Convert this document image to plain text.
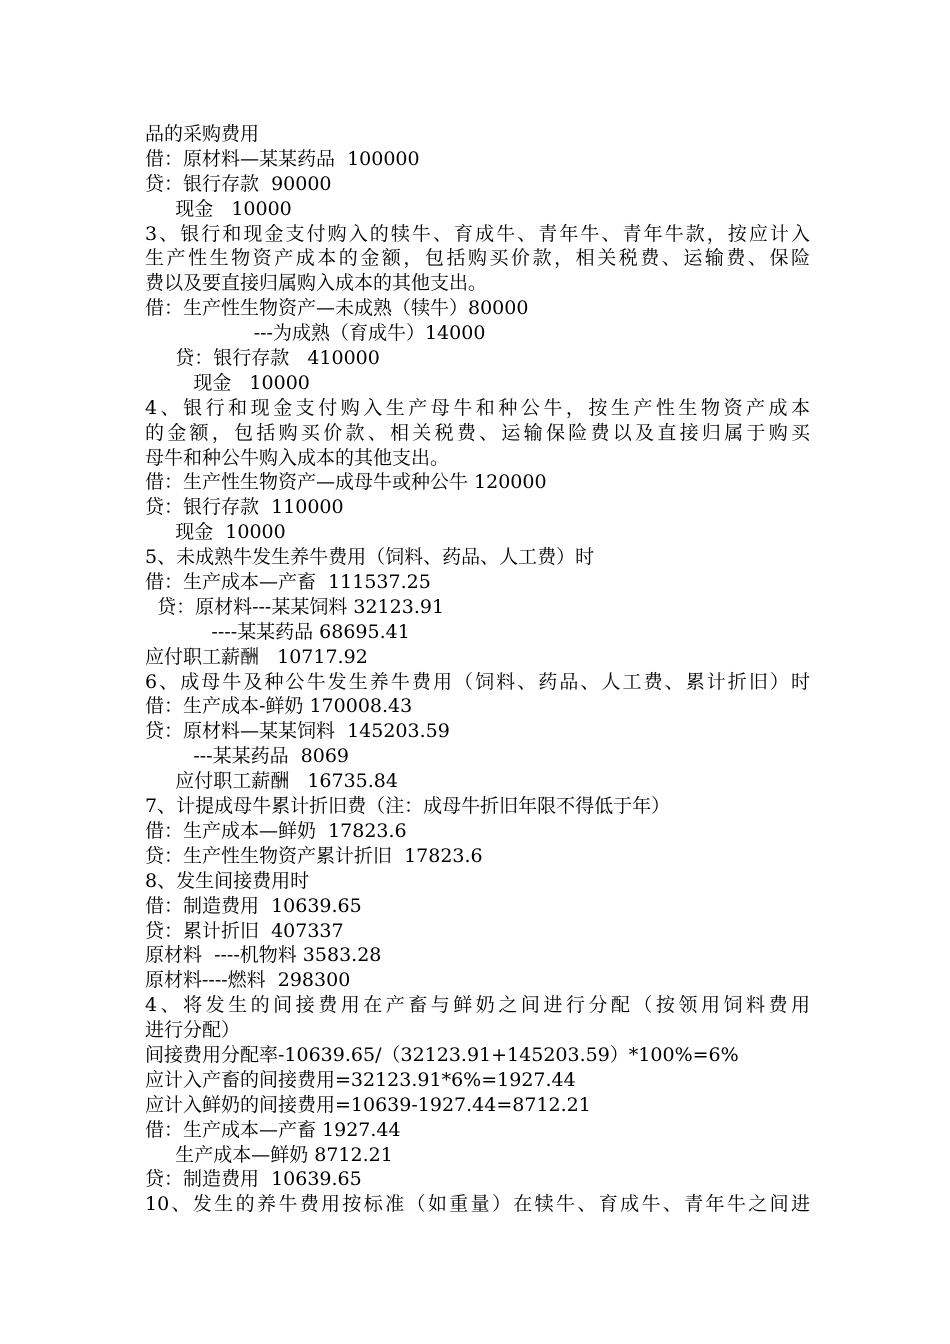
品的采购费用
借：原材料—某某药品  100000
贷：银行存款  90000
现金   10000
3、银行和现金支付购入的犊牛、育成牛、青年牛、青年牛款，按应计入
生产性生物资产成本的金额，包括购买价款，相关税费、运输费、保险
费以及要直接归属购入成本的其他支出。
借：生产性生物资产—未成熟（犊牛）80000
---为成熟（育成牛）14000
贷：银行存款   410000
现金   10000
4、银行和现金支付购入生产母牛和种公牛，按生产性生物资产成本
的金额，包括购买价款、相关税费、运输保险费以及直接归属于购买
母牛和种公牛购入成本的其他支出。
借：生产性生物资产—成母牛或种公牛 120000
贷：银行存款  110000
现金  10000
5、未成熟牛发生养牛费用（饲料、药品、人工费）时
借：生产成本—产畜  111537.25
贷：原材料---某某饲料 32123.91
----某某药品 68695.41
应付职工薪酬   10717.92
6、成母牛及种公牛发生养牛费用（饲料、药品、人工费、累计折旧）时
借：生产成本-鲜奶 170008.43
贷：原材料—某某饲料  145203.59
---某某药品  8069
应付职工薪酬   16735.84
7、计提成母牛累计折旧费（注：成母牛折旧年限不得低于年）
借：生产成本—鲜奶  17823.6
贷：生产性生物资产累计折旧  17823.6
8、发生间接费用时
借：制造费用  10639.65
贷：累计折旧  407337
原材料  ----机物料 3583.28
原材料----燃料  298300
4、将发生的间接费用在产畜与鲜奶之间进行分配（按领用饲料费用
进行分配）
间接费用分配率-10639.65/（32123.91+145203.59）*100%=6%
应计入产畜的间接费用=32123.91*6%=1927.44
应计入鲜奶的间接费用=10639-1927.44=8712.21
借：生产成本—产畜 1927.44
生产成本—鲜奶 8712.21
贷：制造费用  10639.65
10、发生的养牛费用按标准（如重量）在犊牛、育成牛、青年牛之间进
